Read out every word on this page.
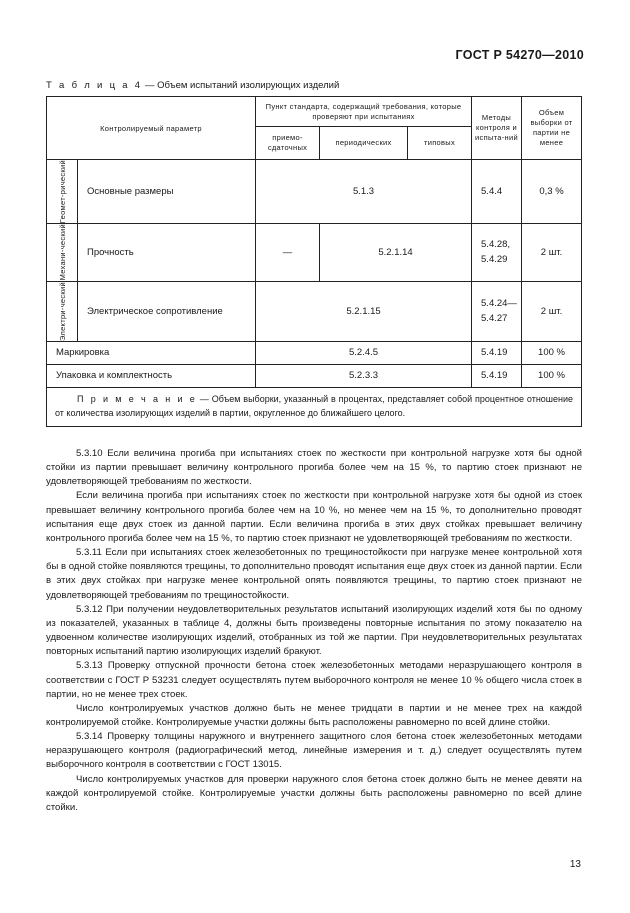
ГОСТ Р 54270—2010
Т а б л и ц а 4 — Объем испытаний изолирующих изделий
Контролируемый параметр		Пункт стандарта, содержащий требования, которые проверяют при испытаниях			Методы контроля и испыта-ний	Объем выборки от партии не менее
		приемо-сдаточных	периодических	типовых		

Геомет-рический	Основные размеры	5.1.3			5.4.4	0,3 %

Механи-ческий	Прочность	—	5.2.1.14		5.4.28,
5.4.29	2 шт.

Электри-ческий	Электрическое сопротивление	5.2.1.15			5.4.24—
5.4.27	2 шт.
Маркировка		5.2.4.5			5.4.19	100 %
Упаковка и комплектность		5.2.3.3			5.4.19	100 %
П р и м е ч а н и е — Объем выборки, указанный в процентах, представляет собой процентное отношение от количества изолирующих изделий в партии, округленное до ближайшего целого.						

5.3.10 Если величина прогиба при испытаниях стоек по жесткости при контрольной нагрузке хотя бы одной стойки из партии превышает величину контрольного прогиба более чем на 15 %, то партию стоек признают не удовлетворяющей требованиям по жесткости.

Если величина прогиба при испытаниях стоек по жесткости при контрольной нагрузке хотя бы одной из стоек превышает величину контрольного прогиба более чем на 10 %, но менее чем на 15 %, то дополнительно проводят испытания еще двух стоек из данной партии. Если величина прогиба в этих двух стойках превышает величину контрольного прогиба более чем на 15 %, то партию стоек признают не удовлетворяющей требованиям по жесткости.

5.3.11 Если при испытаниях стоек железобетонных по трещиностойкости при нагрузке менее контрольной хотя бы в одной стойке появляются трещины, то дополнительно проводят испытания еще двух стоек из данной партии. Если в этих двух стойках при нагрузке менее контрольной опять появляются трещины, то партию стоек признают не удовлетворяющей требованиям по трещиностойкости.

5.3.12 При получении неудовлетворительных результатов испытаний изолирующих изделий хотя бы по одному из показателей, указанных в таблице 4, должны быть произведены повторные испытания по этому показателю на удвоенном количестве изолирующих изделий, отобранных из той же партии. При неудовлетворительных результатах повторных испытаний партию изолирующих изделий бракуют.

5.3.13 Проверку отпускной прочности бетона стоек железобетонных методами неразрушающего контроля в соответствии с ГОСТ Р 53231 следует осуществлять путем выборочного контроля не менее 10 % общего числа стоек в партии, но не менее трех стоек.

Число контролируемых участков должно быть не менее тридцати в партии и не менее трех на каждой контролируемой стойке. Контролируемые участки должны быть расположены равномерно по всей длине стойки.

5.3.14 Проверку толщины наружного и внутреннего защитного слоя бетона стоек железобетонных методами неразрушающего контроля (радиографический метод, линейные измерения и т. д.) следует осуществлять путем выборочного контроля в соответствии с ГОСТ 13015.

Число контролируемых участков для проверки наружного слоя бетона стоек должно быть не менее девяти на каждой контролируемой стойке. Контролируемые участки должны быть расположены равномерно по всей длине стойки.

13
